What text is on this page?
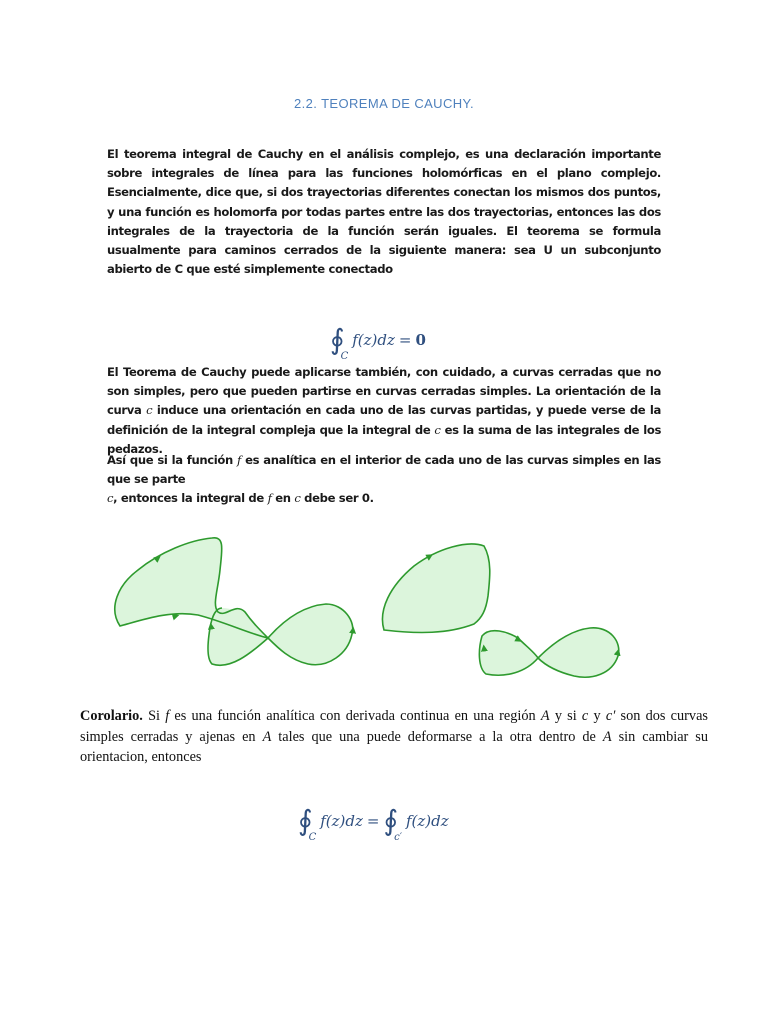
2.2. TEOREMA DE CAUCHY.

El teorema integral de Cauchy en el análisis complejo, es una declaración importante sobre integrales de línea para las funciones holomórficas en el plano complejo. Esencialmente, dice que, si dos trayectorias diferentes conectan los mismos dos puntos, y una función es holomorfa por todas partes entre las dos trayectorias, entonces las dos integrales de la trayectoria de la función serán iguales. El teorema se formula usualmente para caminos cerrados de la siguiente manera: sea U un subconjunto abierto de C que esté simplemente conectado

$∮_Cf(z)dz = 0$

El Teorema de Cauchy puede aplicarse también, con cuidado, a curvas cerradas que no son simples, pero que pueden partirse en curvas cerradas simples. La orientación de la curva c induce una orientación en cada uno de las curvas partidas, y puede verse de la definición de la integral compleja que la integral de c es la suma de las integrales de los pedazos.

Así que si la función f es analítica en el interior de cada uno de las curvas simples en las que se parte
c, entonces la integral de f en c debe ser 0.

Corolario. Si f es una función analítica con derivada continua en una región A y si c y c′ son dos curvas simples cerradas y ajenas en A tales que una puede deformarse a la otra dentro de A sin cambiar su orientacion, entonces

$∮_Cf(z)dz$ = $∮_{c'}f(z)dz$
